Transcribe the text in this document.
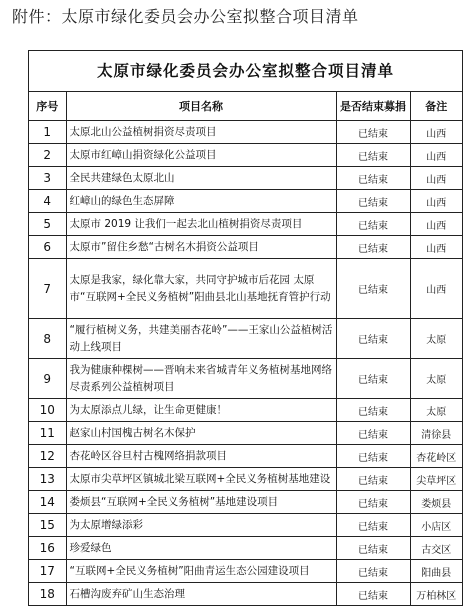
附件：太原市绿化委员会办公室拟整合项目清单
太原市绿化委员会办公室拟整合项目清单
序号	项目名称	是否结束募捐	备注
1	太原北山公益植树捐资尽责项目	已结束	山西
2	太原市红嶂山捐资绿化公益项目	已结束	山西
3	全民共建绿色太原北山	已结束	山西
4	红嶂山的绿色生态屏障	已结束	山西
5	太原市 2019 让我们一起去北山植树捐资尽责项目	已结束	山西
6	太原市”留住乡愁“古树名木捐资公益项目	已结束	山西
7	太原是我家，绿化靠大家，共同守护城市后花园 太原市“互联网+全民义务植树”阳曲县北山基地抚育管护行动	已结束	山西
8	“履行植树义务，共建美丽杏花岭”——王家山公益植树活动上线项目	已结束	太原
9	我为健康种棵树——晋响未来省城青年义务植树基地网络尽责系列公益植树项目	已结束	太原
10	为太原添点儿绿，让生命更健康！	已结束	太原
11	赵家山村国槐古树名木保护	已结束	清徐县
12	杏花岭区谷旦村古槐网络捐款项目	已结束	杏花岭区
13	太原市尖草坪区镇城北梁互联网+全民义务植树基地建设	已结束	尖草坪区
14	娄烦县“互联网+全民义务植树”基地建设项目	已结束	娄烦县
15	为太原增绿添彩	已结束	小店区
16	珍爱绿色	已结束	古交区
17	“互联网+全民义务植树”阳曲青运生态公园建设项目	已结束	阳曲县
18	石槽沟废弃矿山生态治理	已结束	万柏林区
